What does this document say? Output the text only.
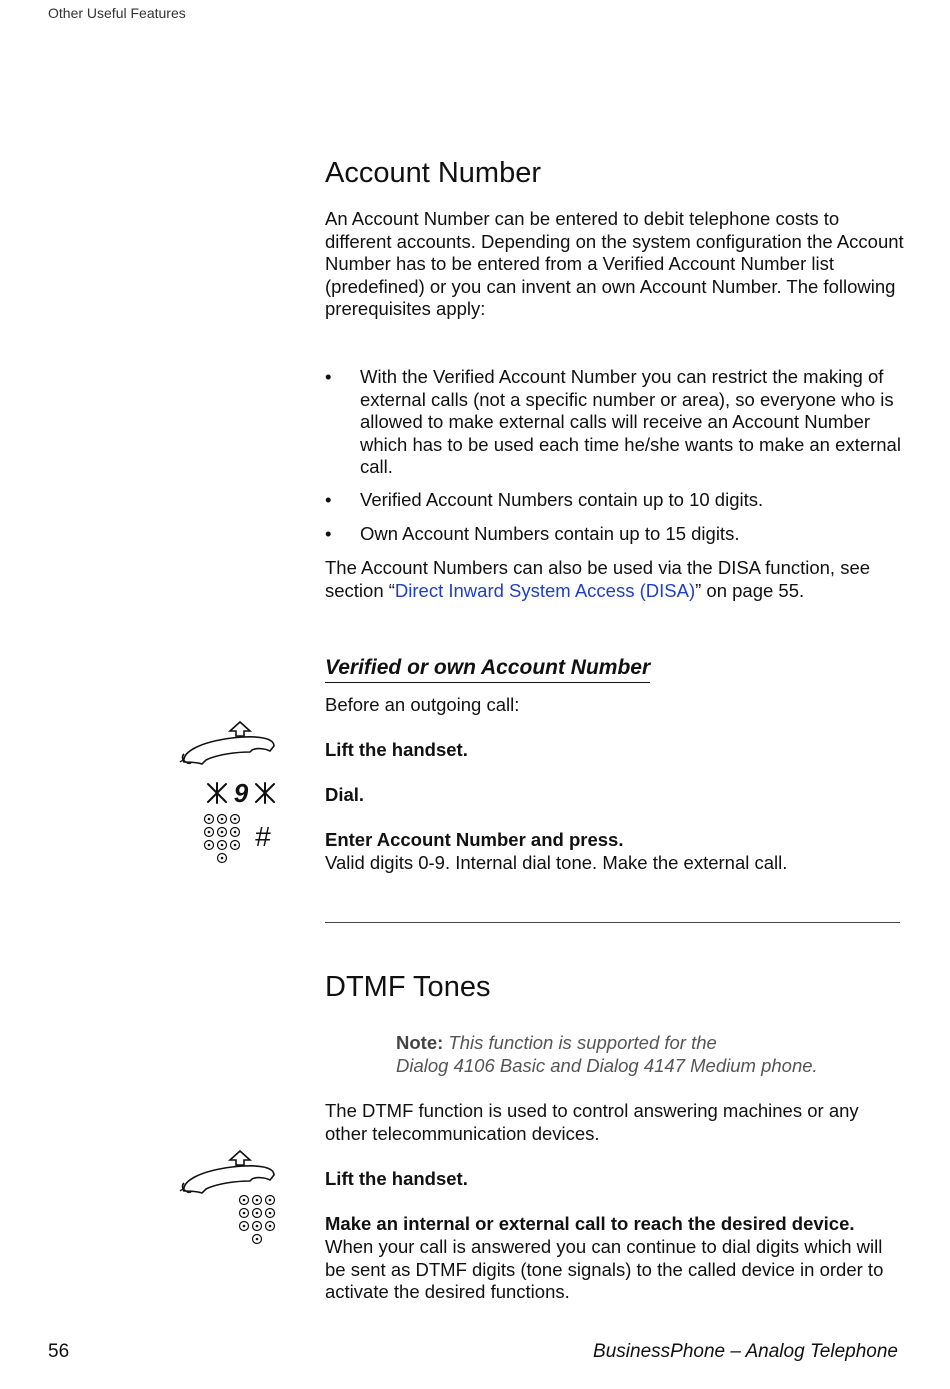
Other Useful Features
Account Number

An Account Number can be entered to debit telephone costs to different accounts. Depending on the system configuration the Account Number has to be entered from a Verified Account Number list (predefined) or you can invent an own Account Number. The following prerequisites apply:

• With the Verified Account Number you can restrict the making of external calls (not a specific number or area), so everyone who is allowed to make external calls will receive an Account Number which has to be used each time he/she wants to make an external call.
• Verified Account Numbers contain up to 10 digits.
• Own Account Numbers contain up to 15 digits.

The Account Numbers can also be used via the DISA function, see section “Direct Inward System Access (DISA)” on page 55.

Verified or own Account Number
Before an outgoing call:
Lift the handset.
9	Dial.
#	Enter Account Number and press.
Valid digits 0-9. Internal dial tone. Make the external call.
DTMF Tones
Note: This function is supported for the
Dialog 4106 Basic and Dialog 4147 Medium phone.

The DTMF function is used to control answering machines or any other telecommunication devices.

Lift the handset.
Make an internal or external call to reach the desired device.
When your call is answered you can continue to dial digits which will be sent as DTMF digits (tone signals) to the called device in order to activate the desired functions.
56	BusinessPhone – Analog Telephone
